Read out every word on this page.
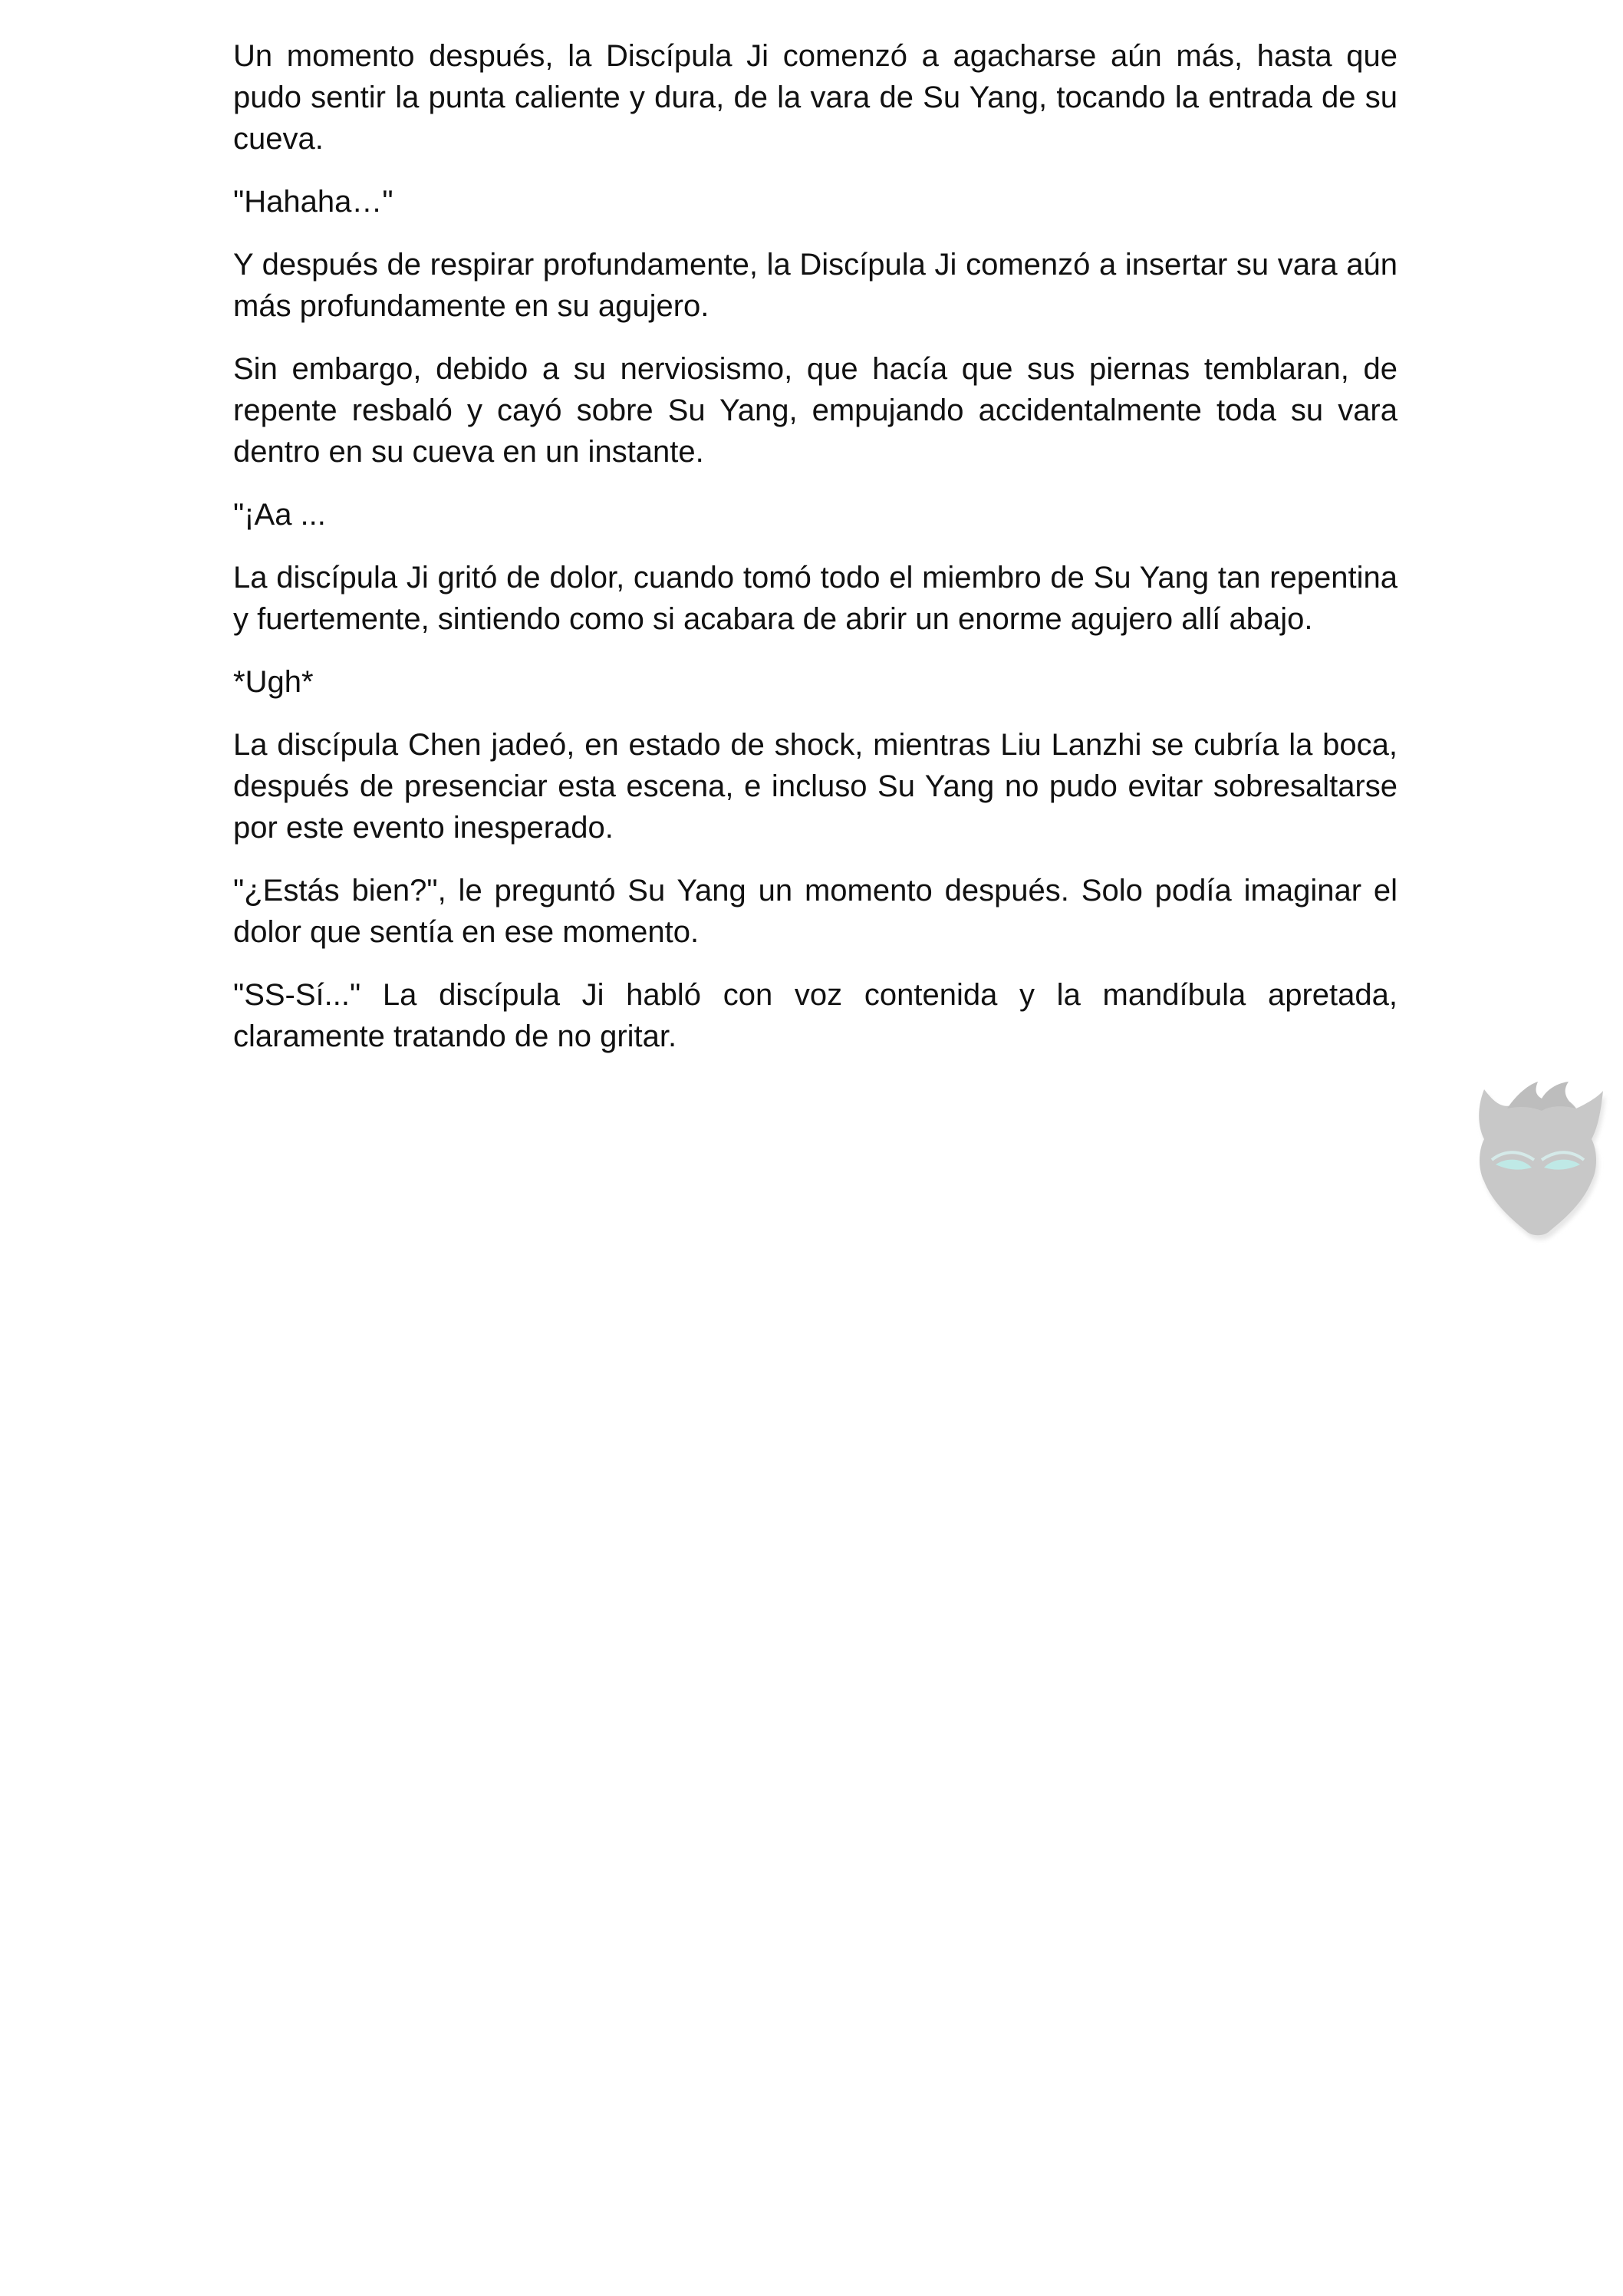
Un momento después, la Discípula Ji comenzó a agacharse aún más, hasta que pudo sentir la punta caliente y dura, de la vara de Su Yang, tocando la entrada de su cueva.

"Hahaha…"

Y después de respirar profundamente, la Discípula Ji comenzó a insertar su vara aún más profundamente en su agujero.

Sin embargo, debido a su nerviosismo, que hacía que sus piernas temblaran, de repente resbaló y cayó sobre Su Yang, empujando accidentalmente toda su vara dentro en su cueva en un instante.

"¡Aa ...

La discípula Ji gritó de dolor, cuando tomó todo el miembro de Su Yang tan repentina y fuertemente, sintiendo como si acabara de abrir un enorme agujero allí abajo.

*Ugh*

La discípula Chen jadeó, en estado de shock, mientras Liu Lanzhi se cubría la boca, después de presenciar esta escena, e incluso Su Yang no pudo evitar sobresaltarse por este evento inesperado.

"¿Estás bien?", le preguntó Su Yang un momento después. Solo podía imaginar el dolor que sentía en ese momento.

"SS-Sí..." La discípula Ji habló con voz contenida y la mandíbula apretada, claramente tratando de no gritar.
